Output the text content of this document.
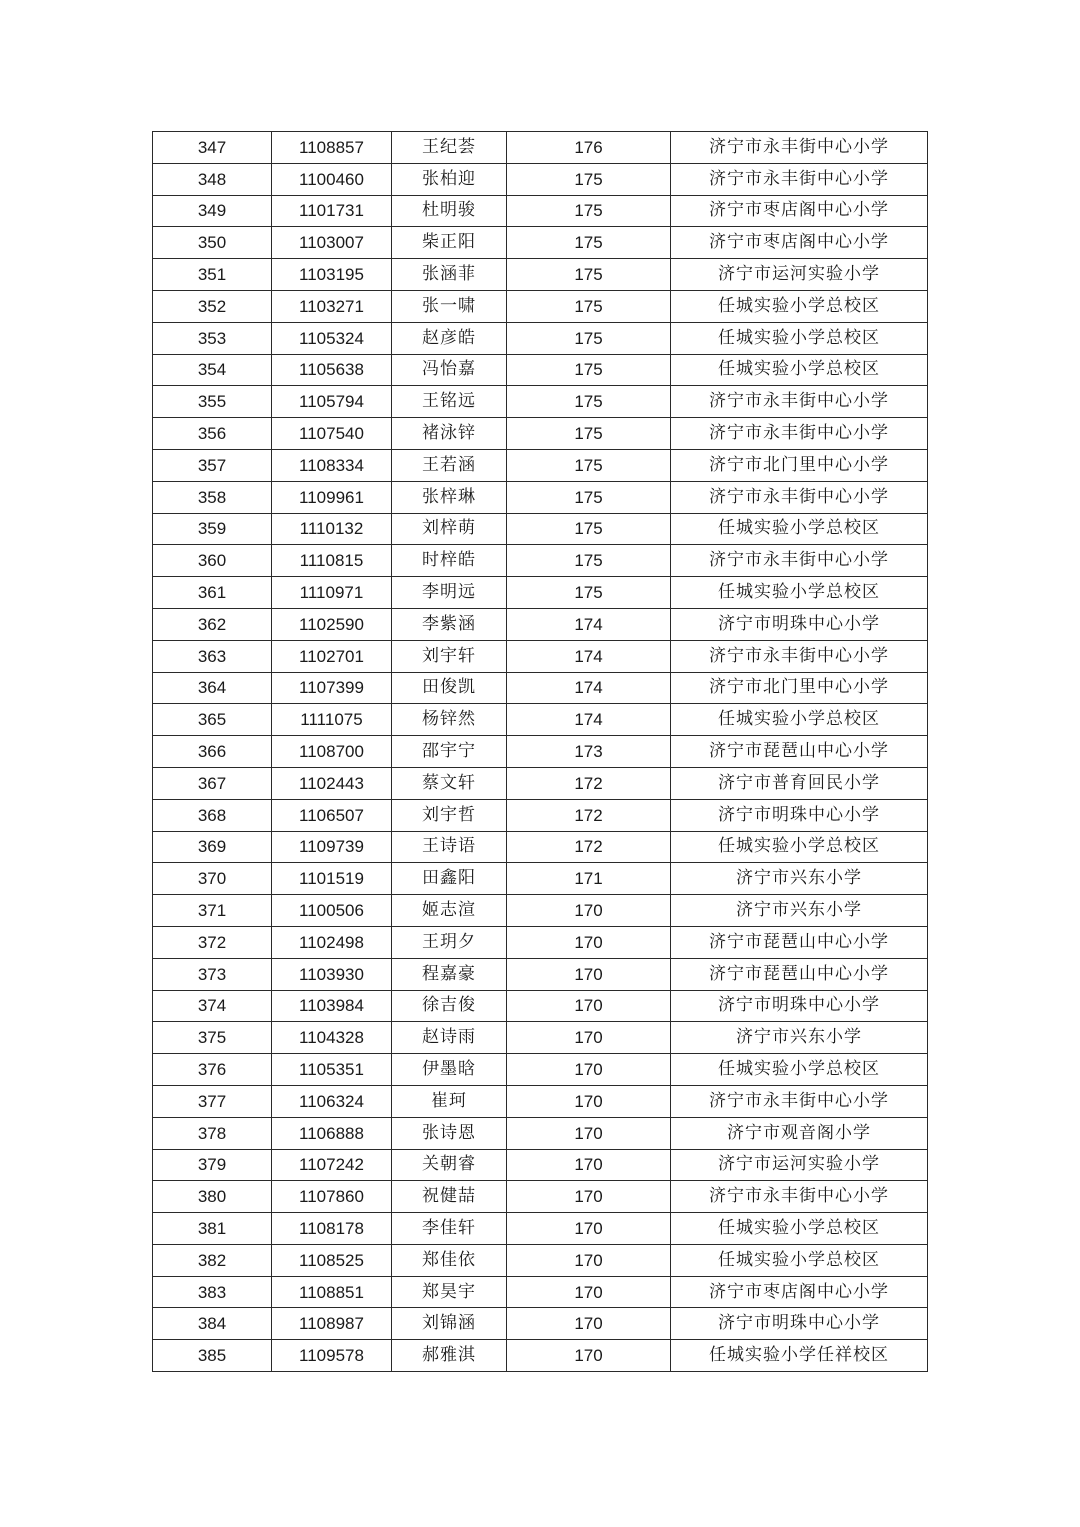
347	1108857	王纪荟	176	济宁市永丰街中心小学
348	1100460	张柏迎	175	济宁市永丰街中心小学
349	1101731	杜明骏	175	济宁市枣店阁中心小学
350	1103007	柴正阳	175	济宁市枣店阁中心小学
351	1103195	张涵菲	175	济宁市运河实验小学
352	1103271	张一啸	175	任城实验小学总校区
353	1105324	赵彦皓	175	任城实验小学总校区
354	1105638	冯怡嘉	175	任城实验小学总校区
355	1105794	王铭远	175	济宁市永丰街中心小学
356	1107540	褚泳锌	175	济宁市永丰街中心小学
357	1108334	王若涵	175	济宁市北门里中心小学
358	1109961	张梓琳	175	济宁市永丰街中心小学
359	1110132	刘梓萌	175	任城实验小学总校区
360	1110815	时梓皓	175	济宁市永丰街中心小学
361	1110971	李明远	175	任城实验小学总校区
362	1102590	李紫涵	174	济宁市明珠中心小学
363	1102701	刘宇轩	174	济宁市永丰街中心小学
364	1107399	田俊凯	174	济宁市北门里中心小学
365	1111075	杨锌然	174	任城实验小学总校区
366	1108700	邵宇宁	173	济宁市琵琶山中心小学
367	1102443	蔡文轩	172	济宁市普育回民小学
368	1106507	刘宇哲	172	济宁市明珠中心小学
369	1109739	王诗语	172	任城实验小学总校区
370	1101519	田鑫阳	171	济宁市兴东小学
371	1100506	姬志渲	170	济宁市兴东小学
372	1102498	王玥夕	170	济宁市琵琶山中心小学
373	1103930	程嘉豪	170	济宁市琵琶山中心小学
374	1103984	徐吉俊	170	济宁市明珠中心小学
375	1104328	赵诗雨	170	济宁市兴东小学
376	1105351	伊墨晗	170	任城实验小学总校区
377	1106324	崔珂	170	济宁市永丰街中心小学
378	1106888	张诗恩	170	济宁市观音阁小学
379	1107242	关朝睿	170	济宁市运河实验小学
380	1107860	祝健喆	170	济宁市永丰街中心小学
381	1108178	李佳轩	170	任城实验小学总校区
382	1108525	郑佳依	170	任城实验小学总校区
383	1108851	郑昊宇	170	济宁市枣店阁中心小学
384	1108987	刘锦涵	170	济宁市明珠中心小学
385	1109578	郝雅淇	170	任城实验小学任祥校区
